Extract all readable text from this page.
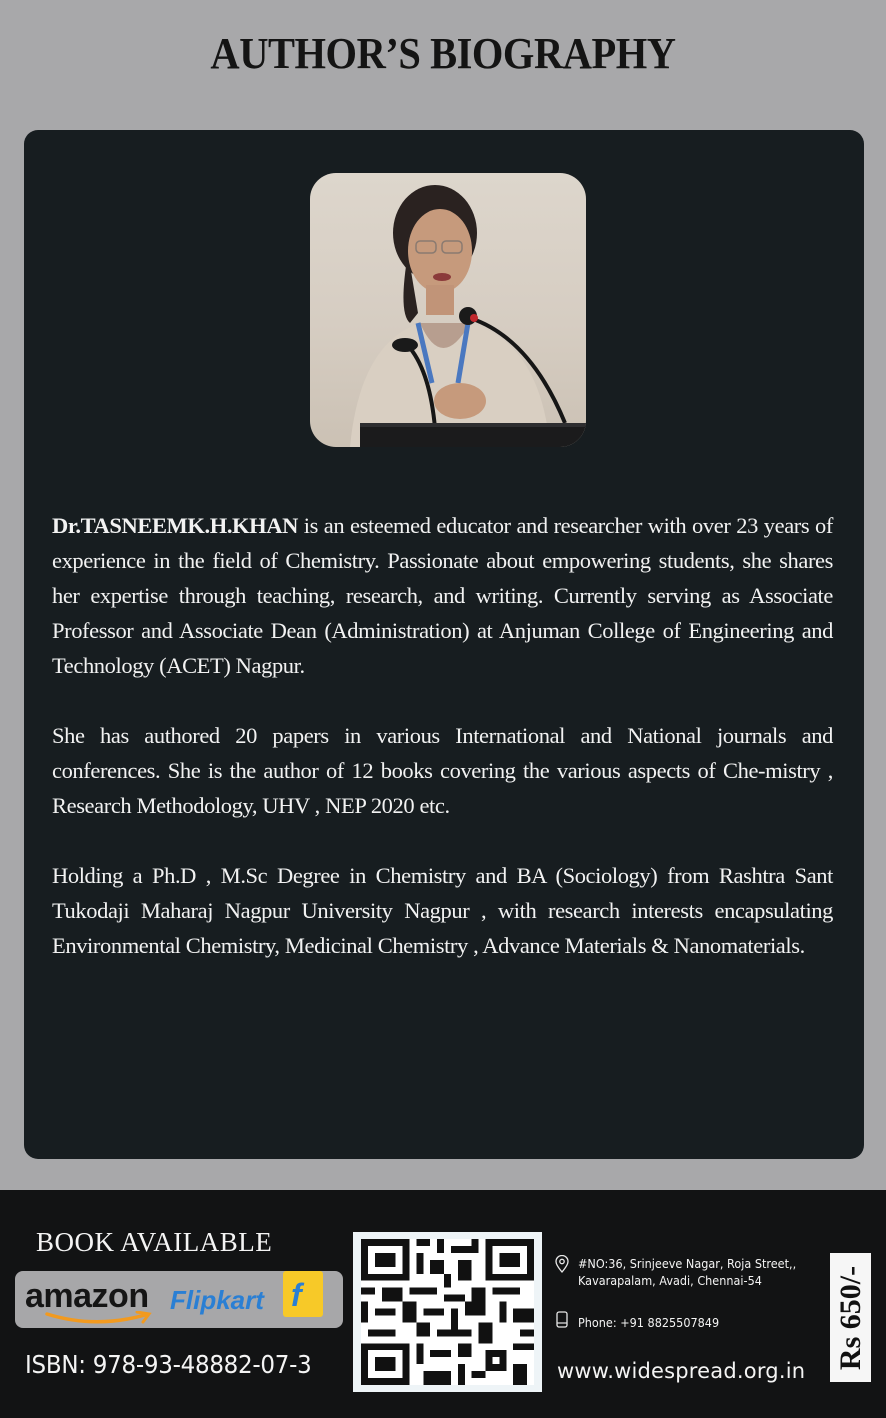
AUTHOR’S BIOGRAPHY

Dr.TASNEEMK.H.KHAN is an esteemed educator and researcher with over 23 years of experience in the field of Chemistry. Passionate about empowering students, she shares her expertise through teaching, research, and writing. Currently serving as Associate Professor and Associate Dean (Administration) at Anjuman College of Engineering and Technology (ACET) Nagpur.

She has authored 20 papers in various International and National journals and conferences. She is the author of 12 books covering the various aspects of Che-mistry , Research Methodology, UHV , NEP 2020 etc.

Holding a Ph.D , M.Sc Degree in Chemistry and BA (Sociology) from Rashtra Sant Tukodaji Maharaj Nagpur University Nagpur , with research interests encapsulating Environmental Chemistry, Medicinal Chemistry , Advance Materials & Nanomaterials.

BOOK AVAILABLE
amazon Flipkart f
ISBN: 978-93-48882-07-3
#NO:36, Srinjeeve Nagar, Roja Street,,
Kavarapalam, Avadi, Chennai-54
Phone: +91 8825507849
www.widespread.org.in
Rs 650/-
